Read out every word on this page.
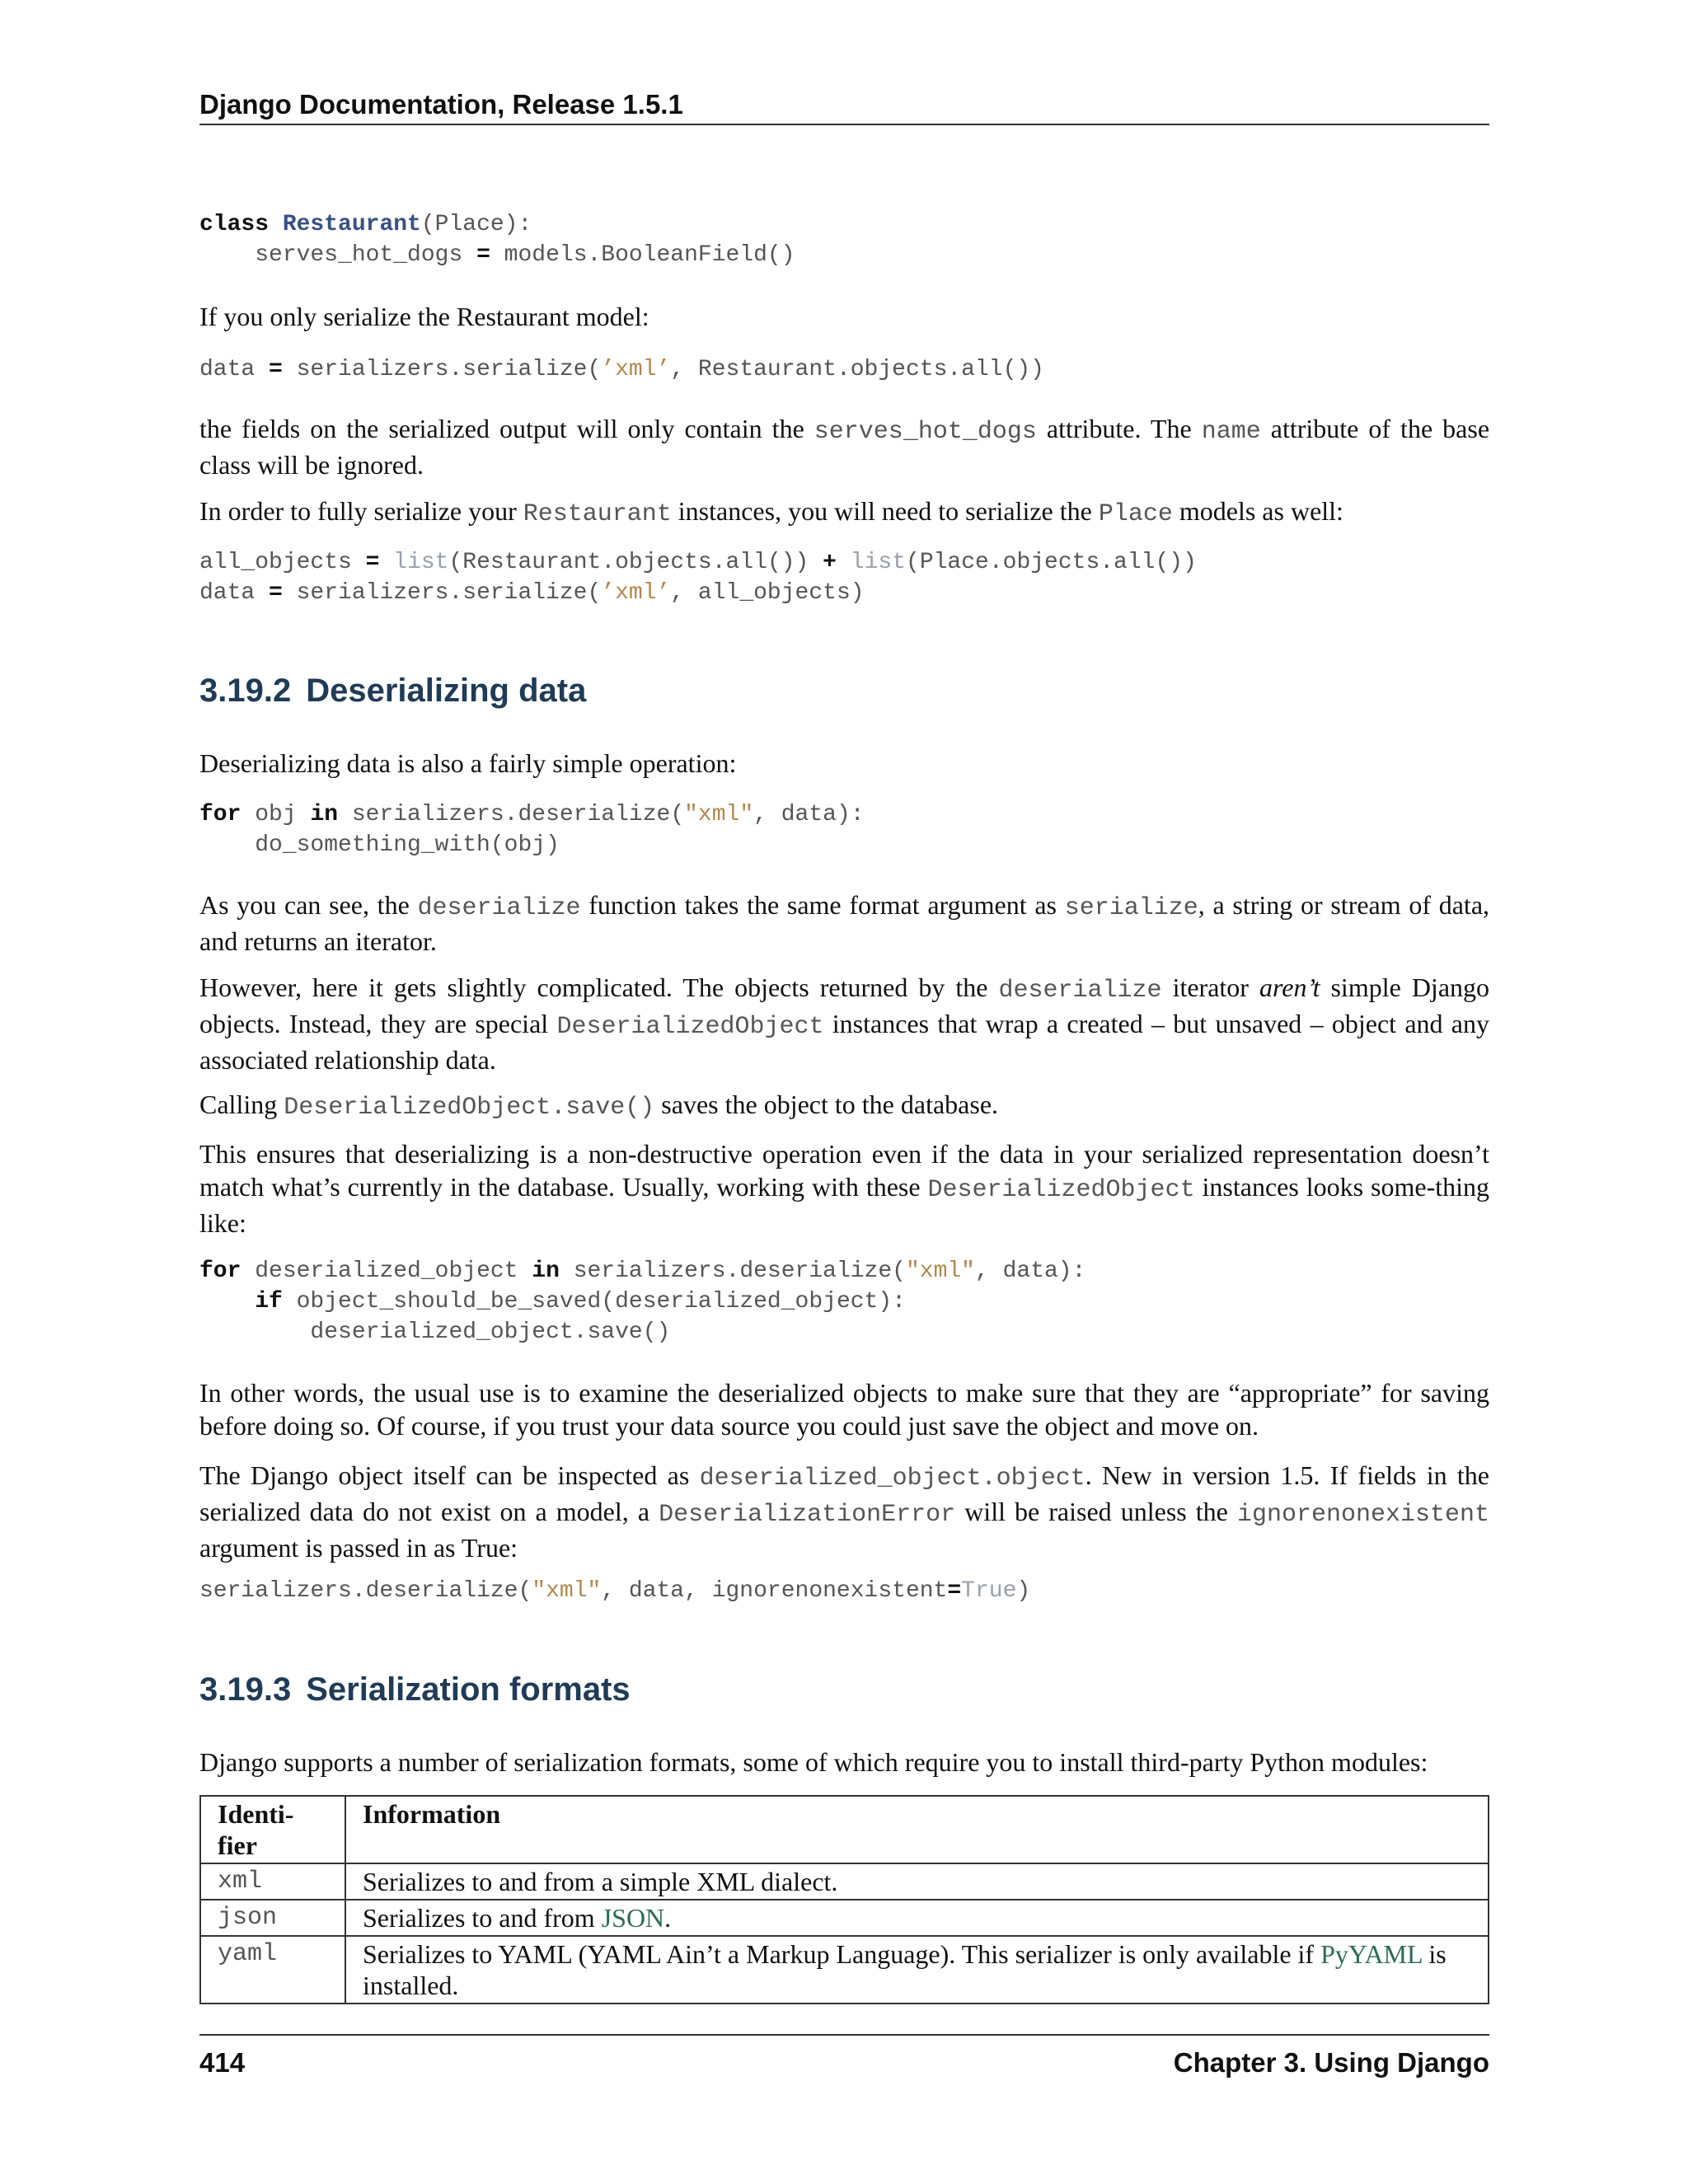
Django Documentation, Release 1.5.1
class Restaurant(Place):
serves_hot_dogs = models.BooleanField()

If you only serialize the Restaurant model:

data = serializers.serialize(’xml’, Restaurant.objects.all())

the fields on the serialized output will only contain the serves_hot_dogs attribute. The name attribute of the base class will be ignored.

In order to fully serialize your Restaurant instances, you will need to serialize the Place models as well:

all_objects = list(Restaurant.objects.all()) + list(Place.objects.all())
data = serializers.serialize(’xml’, all_objects)
3.19.2 Deserializing data

Deserializing data is also a fairly simple operation:

for obj in serializers.deserialize("xml", data):
do_something_with(obj)

As you can see, the deserialize function takes the same format argument as serialize, a string or stream of data, and returns an iterator.

However, here it gets slightly complicated. The objects returned by the deserialize iterator aren’t simple Django objects. Instead, they are special DeserializedObject instances that wrap a created – but unsaved – object and any associated relationship data.

Calling DeserializedObject.save() saves the object to the database.

This ensures that deserializing is a non-destructive operation even if the data in your serialized representation doesn’t match what’s currently in the database. Usually, working with these DeserializedObject instances looks some-thing like:

for deserialized_object in serializers.deserialize("xml", data):
if object_should_be_saved(deserialized_object):
deserialized_object.save()

In other words, the usual use is to examine the deserialized objects to make sure that they are “appropriate” for saving before doing so. Of course, if you trust your data source you could just save the object and move on.

The Django object itself can be inspected as deserialized_object.object. New in version 1.5. If fields in the serialized data do not exist on a model, a DeserializationError will be raised unless the ignorenonexistent argument is passed in as True:

serializers.deserialize("xml", data, ignorenonexistent=True)
3.19.3 Serialization formats

Django supports a number of serialization formats, some of which require you to install third-party Python modules:

Identi-fier	Information
xml	Serializes to and from a simple XML dialect.
json	Serializes to and from JSON.
yaml	Serializes to YAML (YAML Ain’t a Markup Language). This serializer is only available if PyYAML is installed.
414	Chapter 3. Using Django
